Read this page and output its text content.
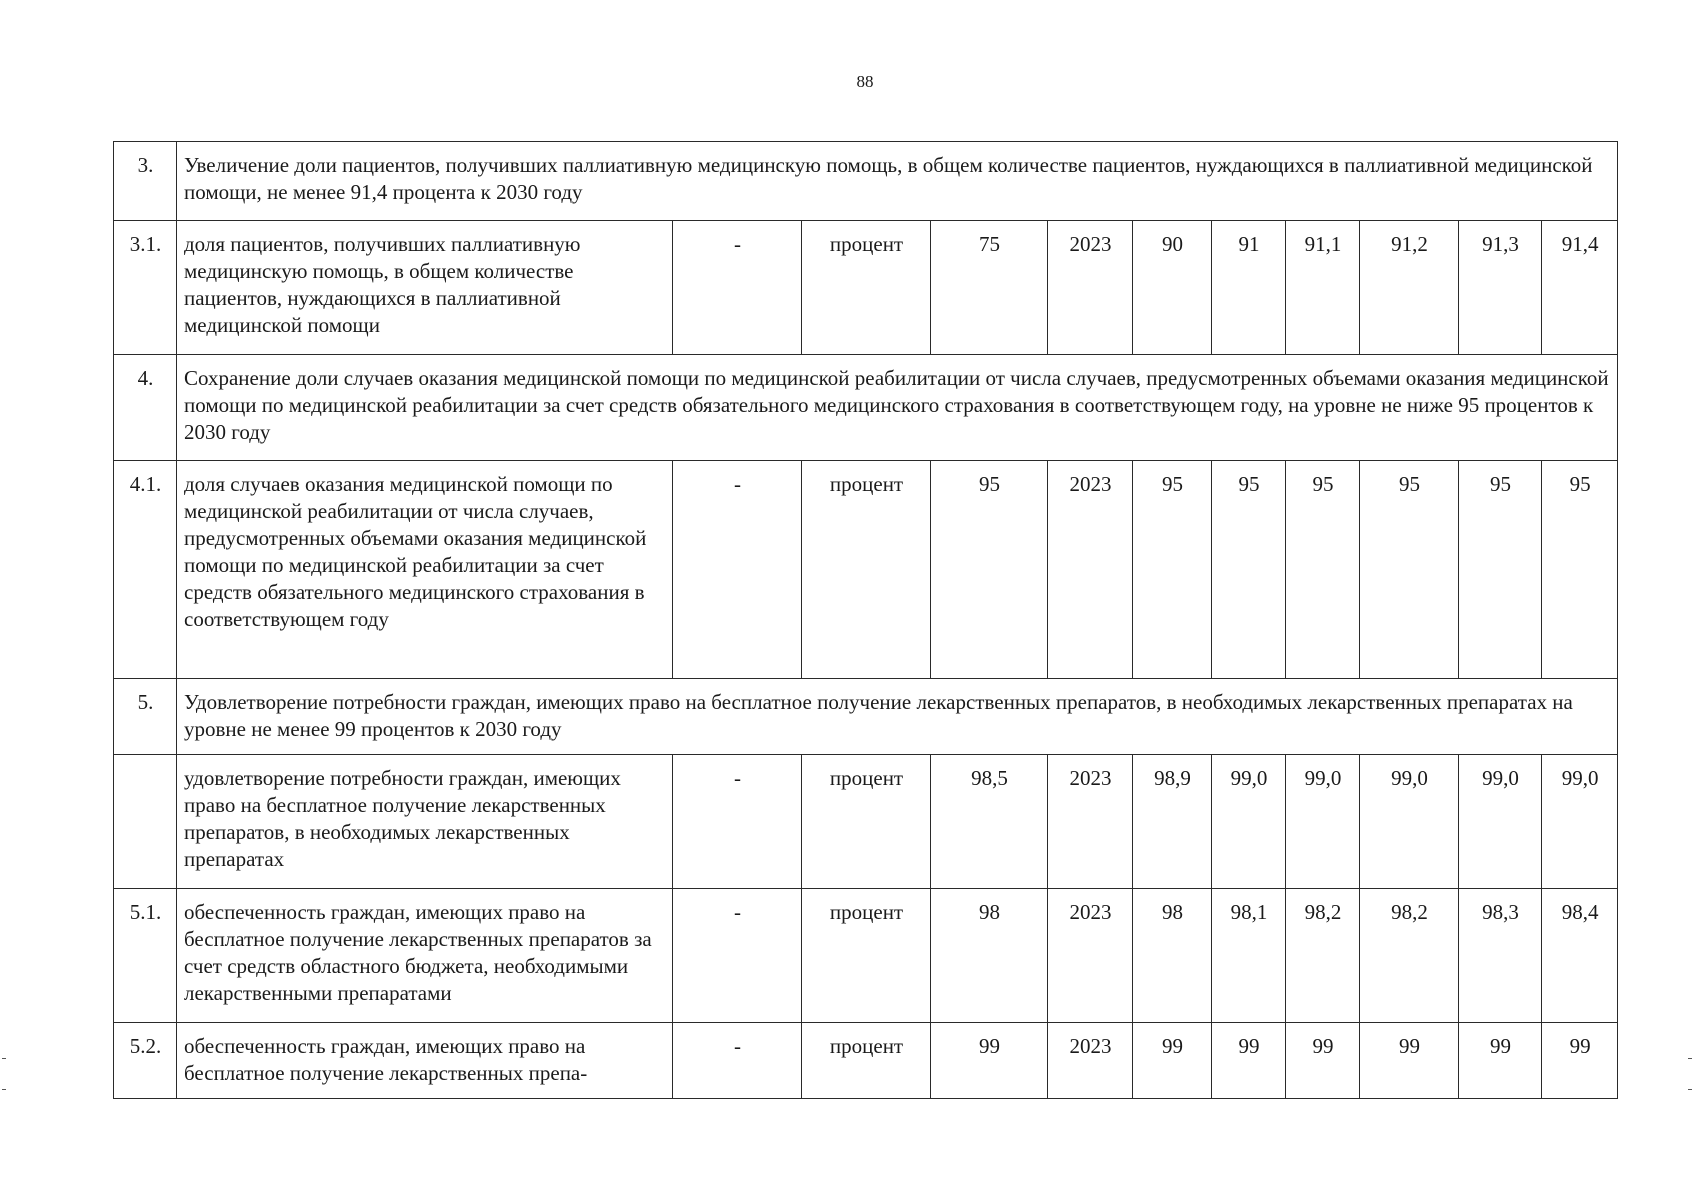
88
3.	Увеличение доли пациентов, получивших паллиативную медицинскую помощь, в общем количестве пациентов, нуждающихся в паллиативной медицинской помощи, не менее 91,4 процента к 2030 году										
3.1.	доля пациентов, получивших паллиативную медицинскую помощь, в общем количестве пациентов, нуждающихся в паллиативной медицинской помощи	-	процент	75	2023	90	91	91,1	91,2	91,3	91,4
4.	Сохранение доли случаев оказания медицинской помощи по медицинской реабилитации от числа случаев, предусмотренных объемами оказания медицинской помощи по медицинской реабилитации за счет средств обязательного медицинского страхования в соответствующем году, на уровне не ниже 95 процентов к 2030 году										
4.1.	доля случаев оказания медицинской помощи по медицинской реабилитации от числа случаев, предусмотренных объемами оказания медицинской помощи по медицинской реабилитации за счет средств обязательного медицинского страхования в соответствующем году	-	процент	95	2023	95	95	95	95	95	95
5.	Удовлетворение потребности граждан, имеющих право на бесплатное получение лекарственных препаратов, в необходимых лекарственных препаратах на уровне не менее 99 процентов к 2030 году										
	удовлетворение потребности граждан, имеющих право на бесплатное получение лекарственных препаратов, в необходимых лекарственных препаратах	-	процент	98,5	2023	98,9	99,0	99,0	99,0	99,0	99,0
5.1.	обеспеченность граждан, имеющих право на бесплатное получение лекарственных препаратов за счет средств областного бюджета, необходимыми лекарственными препаратами	-	процент	98	2023	98	98,1	98,2	98,2	98,3	98,4
5.2.	обеспеченность граждан, имеющих право на бесплатное получение лекарственных препа-	-	процент	99	2023	99	99	99	99	99	99
